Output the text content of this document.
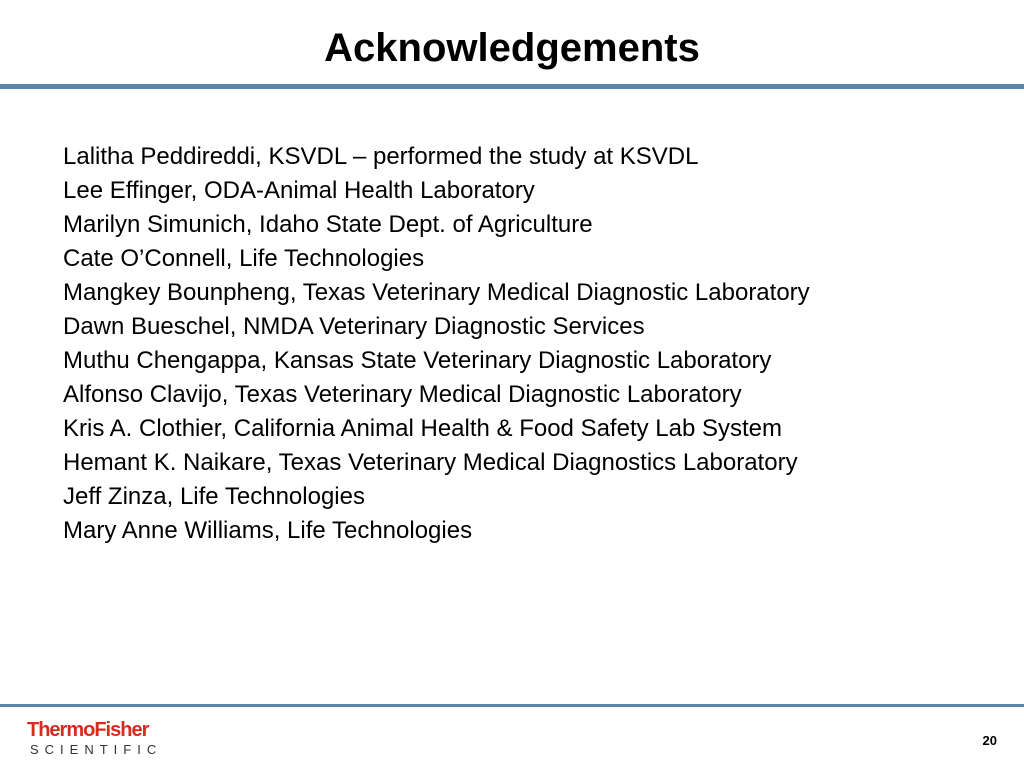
Acknowledgements
Lalitha Peddireddi, KSVDL – performed the study at KSVDL
Lee Effinger, ODA-Animal Health Laboratory
Marilyn Simunich, Idaho State Dept. of Agriculture
Cate O’Connell, Life Technologies
Mangkey Bounpheng, Texas Veterinary Medical Diagnostic Laboratory
Dawn Bueschel, NMDA Veterinary Diagnostic Services
Muthu Chengappa, Kansas State Veterinary Diagnostic Laboratory
Alfonso Clavijo, Texas Veterinary Medical Diagnostic Laboratory
Kris A. Clothier, California Animal Health & Food Safety Lab System
Hemant K. Naikare, Texas Veterinary Medical Diagnostics Laboratory
Jeff Zinza, Life Technologies
Mary Anne Williams, Life Technologies
ThermoFisher
SCIENTIFIC
20
